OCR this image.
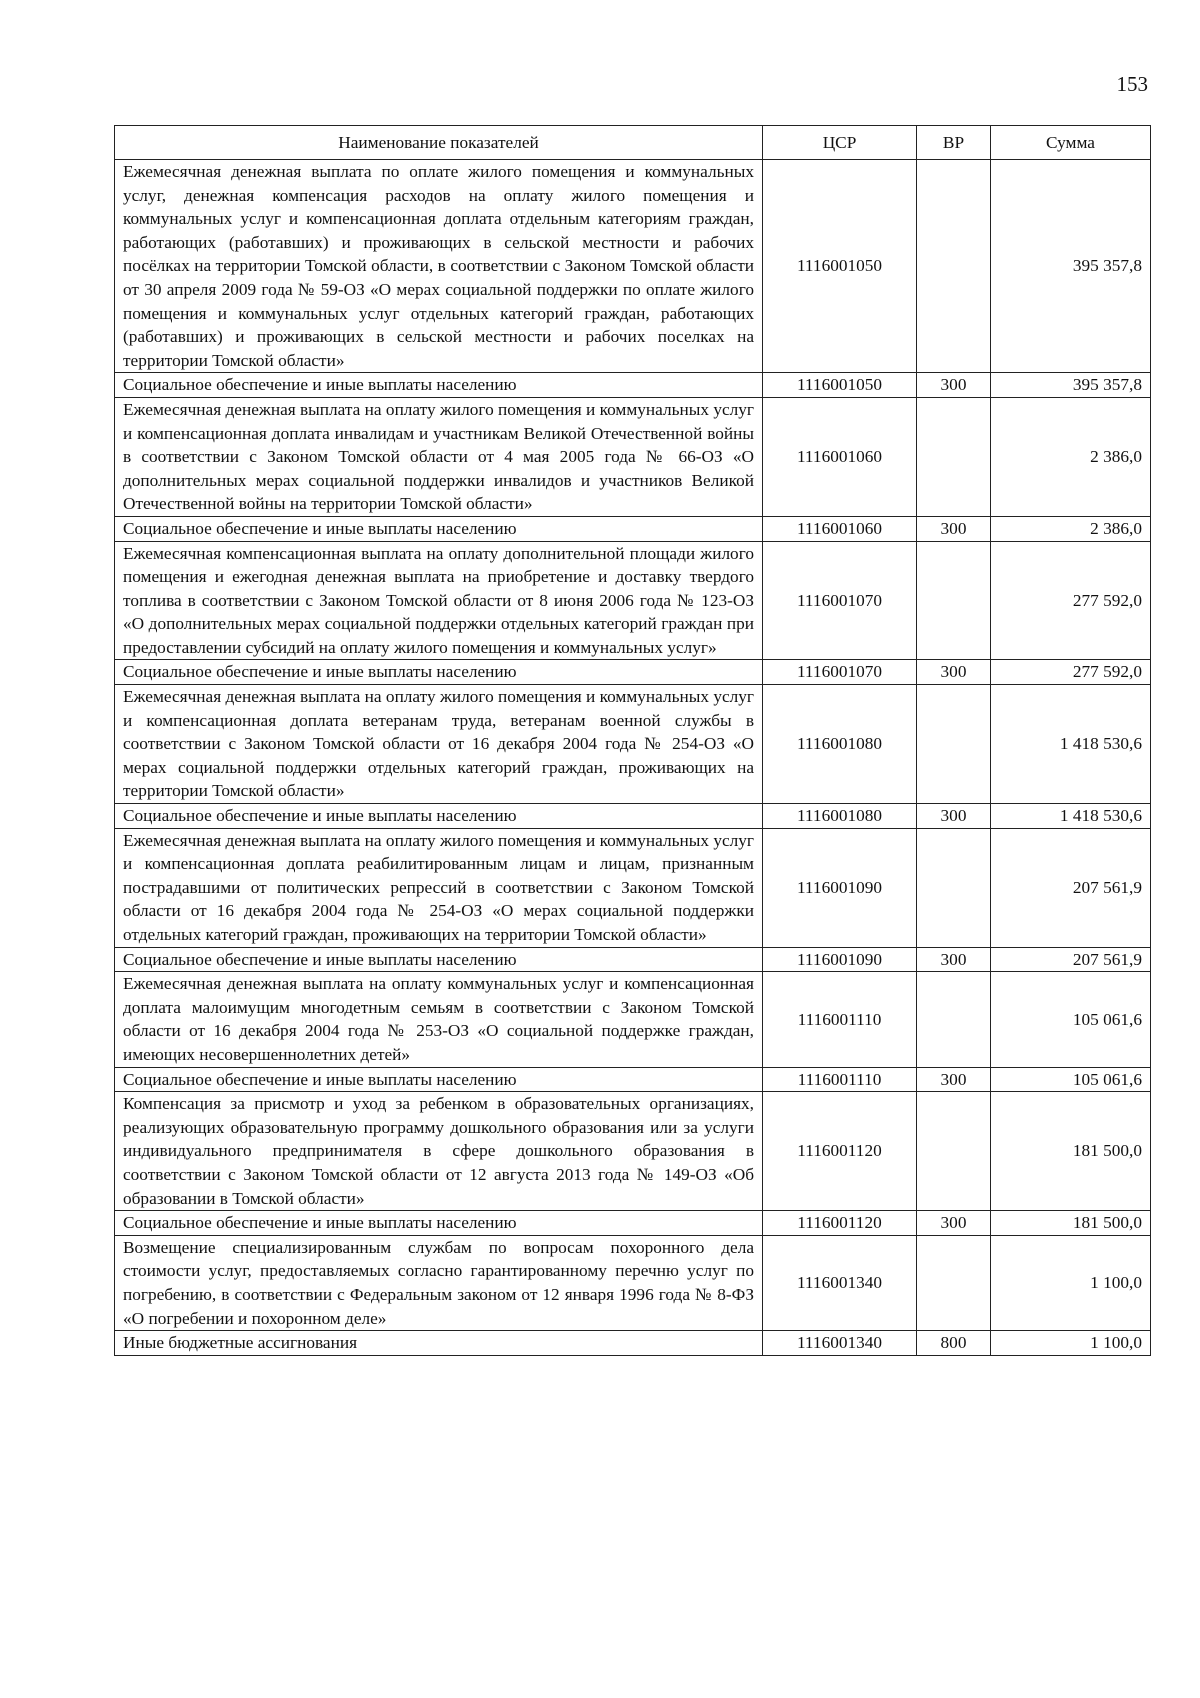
153
Наименование показателей	ЦСР	ВР	Сумма
Ежемесячная денежная выплата по оплате жилого помещения и коммунальных услуг, денежная компенсация расходов на оплату жилого помещения и коммунальных услуг и компенсационная доплата отдельным категориям граждан, работающих (работавших) и проживающих в сельской местности и рабочих посёлках на территории Томской области, в соответствии с Законом Томской области от 30 апреля 2009 года № 59-ОЗ «О мерах социальной поддержки по оплате жилого помещения и коммунальных услуг отдельных категорий граждан, работающих (работавших) и проживающих в сельской местности и рабочих поселках на территории Томской области»	1116001050		395 357,8
Социальное обеспечение и иные выплаты населению	1116001050	300	395 357,8
Ежемесячная денежная выплата на оплату жилого помещения и коммунальных услуг и компенсационная доплата инвалидам и участникам Великой Отечественной войны в соответствии с Законом Томской области от 4 мая 2005 года № 66-ОЗ «О дополнительных мерах социальной поддержки инвалидов и участников Великой Отечественной войны на территории Томской области»	1116001060		2 386,0
Социальное обеспечение и иные выплаты населению	1116001060	300	2 386,0
Ежемесячная компенсационная выплата на оплату дополнительной площади жилого помещения и ежегодная денежная выплата на приобретение и доставку твердого топлива в соответствии с Законом Томской области от 8 июня 2006 года № 123-ОЗ «О дополнительных мерах социальной поддержки отдельных категорий граждан при предоставлении субсидий на оплату жилого помещения и коммунальных услуг»	1116001070		277 592,0
Социальное обеспечение и иные выплаты населению	1116001070	300	277 592,0
Ежемесячная денежная выплата на оплату жилого помещения и коммунальных услуг и компенсационная доплата ветеранам труда, ветеранам военной службы в соответствии с Законом Томской области от 16 декабря 2004 года № 254-ОЗ «О мерах социальной поддержки отдельных категорий граждан, проживающих на территории Томской области»	1116001080		1 418 530,6
Социальное обеспечение и иные выплаты населению	1116001080	300	1 418 530,6
Ежемесячная денежная выплата на оплату жилого помещения и коммунальных услуг и компенсационная доплата реабилитированным лицам и лицам, признанным пострадавшими от политических репрессий в соответствии с Законом Томской области от 16 декабря 2004 года № 254-ОЗ «О мерах социальной поддержки отдельных категорий граждан, проживающих на территории Томской области»	1116001090		207 561,9
Социальное обеспечение и иные выплаты населению	1116001090	300	207 561,9
Ежемесячная денежная выплата на оплату коммунальных услуг и компенсационная доплата малоимущим многодетным семьям в соответствии с Законом Томской области от 16 декабря 2004 года № 253-ОЗ «О социальной поддержке граждан, имеющих несовершеннолетних детей»	1116001110		105 061,6
Социальное обеспечение и иные выплаты населению	1116001110	300	105 061,6
Компенсация за присмотр и уход за ребенком в образовательных организациях, реализующих образовательную программу дошкольного образования или за услуги индивидуального предпринимателя в сфере дошкольного образования в соответствии с Законом Томской области от 12 августа 2013 года № 149-ОЗ «Об образовании в Томской области»	1116001120		181 500,0
Социальное обеспечение и иные выплаты населению	1116001120	300	181 500,0
Возмещение специализированным службам по вопросам похоронного дела стоимости услуг, предоставляемых согласно гарантированному перечню услуг по погребению, в соответствии с Федеральным законом от 12 января 1996 года № 8-ФЗ «О погребении и похоронном деле»	1116001340		1 100,0
Иные бюджетные ассигнования	1116001340	800	1 100,0
